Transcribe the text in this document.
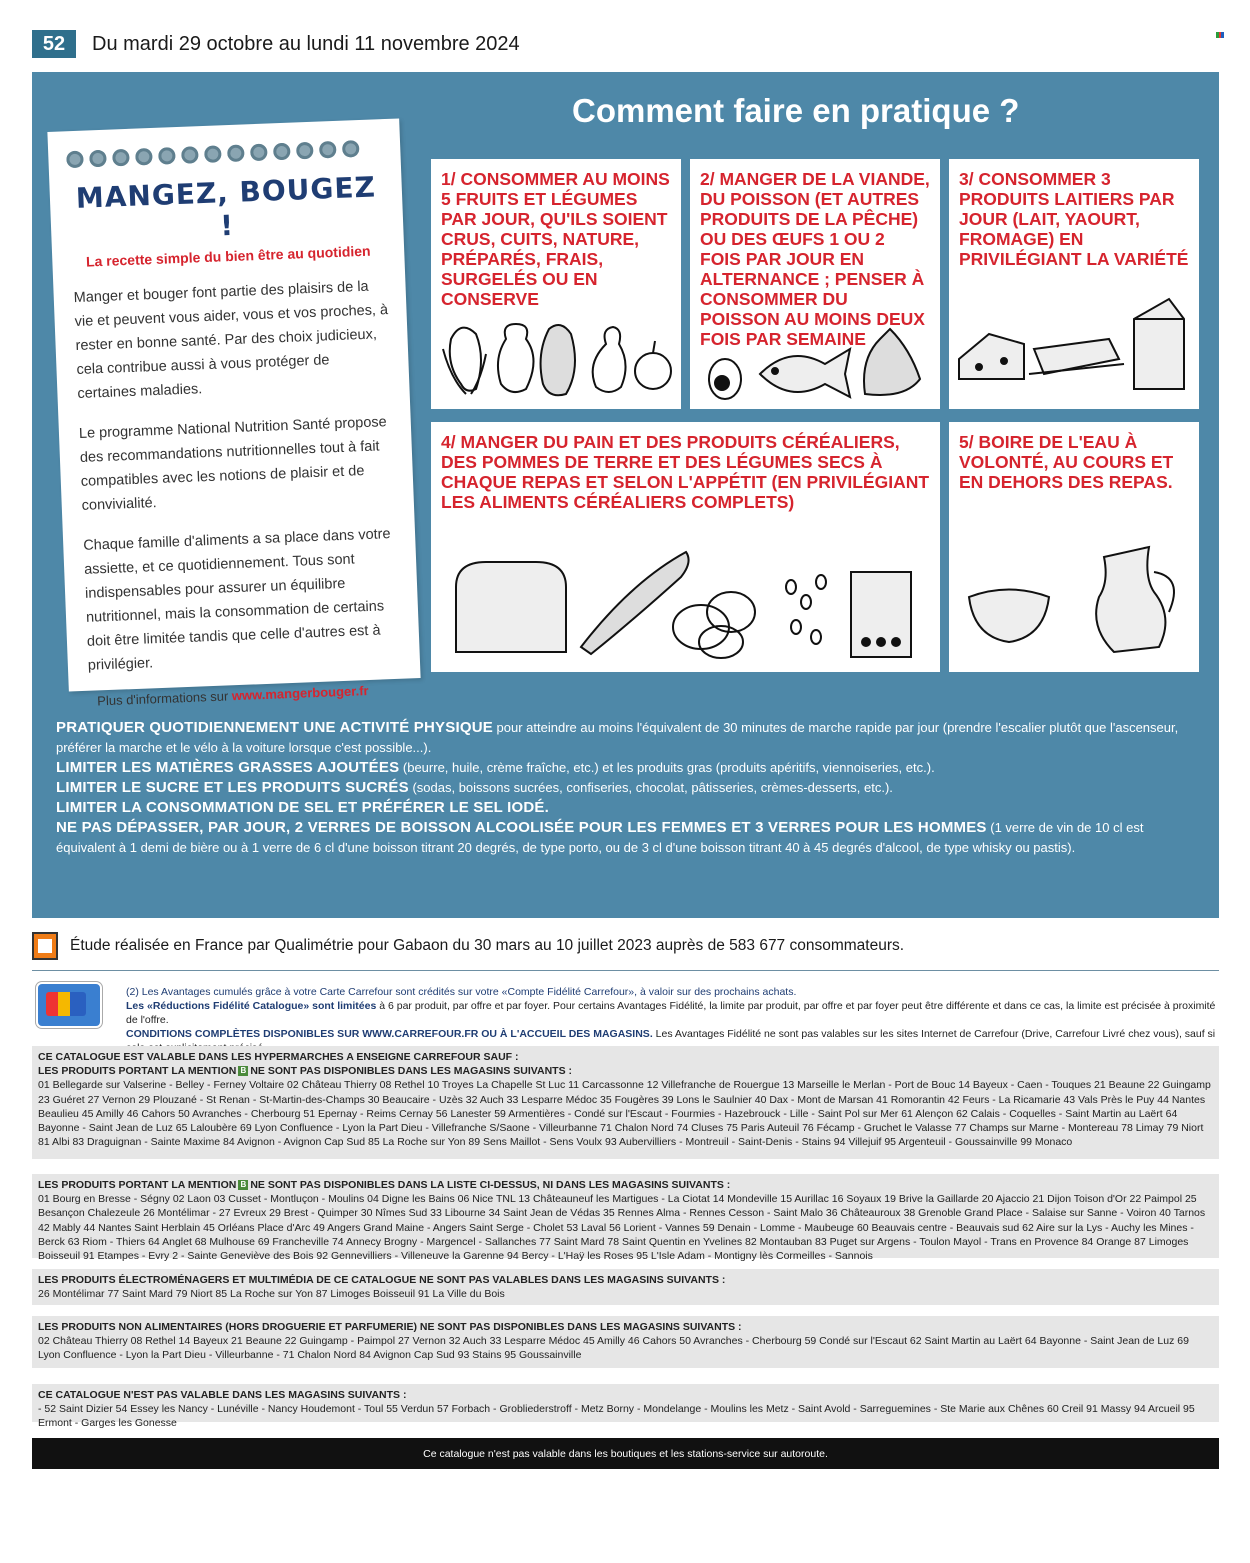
52	Du mardi 29 octobre au lundi 11 novembre 2024
Comment faire en pratique ?
MANGEZ, BOUGEZ !
La recette simple du bien être au quotidien

Manger et bouger font partie des plaisirs de la vie et peuvent vous aider, vous et vos proches, à rester en bonne santé. Par des choix judicieux, cela contribue aussi à vous protéger de certaines maladies.

Le programme National Nutrition Santé propose des recommandations nutritionnelles tout à fait compatibles avec les notions de plaisir et de convivialité.

Chaque famille d'aliments a sa place dans votre assiette, et ce quotidiennement. Tous sont indispensables pour assurer un équilibre nutritionnel, mais la consommation de certains doit être limitée tandis que celle d'autres est à privilégier.

Plus d'informations sur www.mangerbouger.fr
1/ CONSOMMER AU MOINS 5 FRUITS ET LÉGUMES PAR JOUR, QU'ILS SOIENT CRUS, CUITS, NATURE, PRÉPARÉS, FRAIS, SURGELÉS OU EN CONSERVE
2/ MANGER DE LA VIANDE, DU POISSON (ET AUTRES PRODUITS DE LA PÊCHE) OU DES ŒUFS 1 OU 2 FOIS PAR JOUR EN ALTERNANCE ; PENSER À CONSOMMER DU POISSON AU MOINS DEUX FOIS PAR SEMAINE
3/ CONSOMMER 3 PRODUITS LAITIERS PAR JOUR (LAIT, YAOURT, FROMAGE) EN PRIVILÉGIANT LA VARIÉTÉ
4/ MANGER DU PAIN ET DES PRODUITS CÉRÉALIERS, DES POMMES DE TERRE ET DES LÉGUMES SECS À CHAQUE REPAS ET SELON L'APPÉTIT (EN PRIVILÉGIANT LES ALIMENTS CÉRÉALIERS COMPLETS)
5/ BOIRE DE L'EAU À VOLONTÉ, AU COURS ET EN DEHORS DES REPAS.

PRATIQUER QUOTIDIENNEMENT UNE ACTIVITÉ PHYSIQUE pour atteindre au moins l'équivalent de 30 minutes de marche rapide par jour (prendre l'escalier plutôt que l'ascenseur, préférer la marche et le vélo à la voiture lorsque c'est possible...).

LIMITER LES MATIÈRES GRASSES AJOUTÉES (beurre, huile, crème fraîche, etc.) et les produits gras (produits apéritifs, viennoiseries, etc.).

LIMITER LE SUCRE ET LES PRODUITS SUCRÉS (sodas, boissons sucrées, confiseries, chocolat, pâtisseries, crèmes-desserts, etc.).

LIMITER LA CONSOMMATION DE SEL ET PRÉFÉRER LE SEL IODÉ.

NE PAS DÉPASSER, PAR JOUR, 2 VERRES DE BOISSON ALCOOLISÉE POUR LES FEMMES ET 3 VERRES POUR LES HOMMES (1 verre de vin de 10 cl est équivalent à 1 demi de bière ou à 1 verre de 6 cl d'une boisson titrant 20 degrés, de type porto, ou de 3 cl d'une boisson titrant 40 à 45 degrés d'alcool, de type whisky ou pastis).

Étude réalisée en France par Qualimétrie pour Gabaon du 30 mars au 10 juillet 2023 auprès de 583 677 consommateurs.

(2) Les Avantages cumulés grâce à votre Carte Carrefour sont crédités sur votre «Compte Fidélité Carrefour», à valoir sur des prochains achats.

Les «Réductions Fidélité Catalogue» sont limitées à 6 par produit, par offre et par foyer. Pour certains Avantages Fidélité, la limite par produit, par offre et par foyer peut être différente et dans ce cas, la limite est précisée à proximité de l'offre.

CONDITIONS COMPLÈTES DISPONIBLES SUR WWW.CARREFOUR.FR OU À L'ACCUEIL DES MAGASINS. Les Avantages Fidélité ne sont pas valables sur les sites Internet de Carrefour (Drive, Carrefour Livré chez vous), sauf si

CE CATALOGUE EST VALABLE DANS LES HYPERMARCHES A ENSEIGNE CARREFOUR SAUF :

LES PRODUITS PORTANT LA MENTION B NE SONT PAS DISPONIBLES DANS LES MAGASINS SUIVANTS :

01 Bellegarde sur Valserine - Belley - Ferney Voltaire 02 Château Thierry 08 Rethel 10 Troyes La Chapelle St Luc 11 Carcassonne 12 Villefranche de Rouergue 13 Marseille le Merlan - Port de Bouc 14 Bayeux - Caen - Touques 21 Beaune 22 Guingamp 23 Guéret 27 Vernon 29 Plouzané - St Renan - St-Martin-des-Champs 30 Beaucaire - Uzès 32 Auch 33 Lesparre Médoc 35 Fougères 39 Lons le Saulnier 40 Dax - Mont de Marsan 41 Romorantin 42 Feurs - La Ricamarie 43 Vals Près le Puy 44 Nantes Beaulieu 45 Amilly 46 Cahors 50 Avranches - Cherbourg 51 Epernay - Reims Cernay 56 Lanester 59 Armentières - Condé sur l'Escaut - Fourmies - Hazebrouck - Lille - Saint Pol sur Mer 61 Alençon 62 Calais - Coquelles - Saint Martin au Laërt 64 Bayonne - Saint Jean de Luz 65 Laloubère 69 Lyon Confluence - Lyon la Part Dieu - Villefranche S/Saone - Villeurbanne 71 Chalon Nord 74 Cluses 75 Paris Auteuil 76 Fécamp - Gruchet le Valasse 77 Champs sur Marne - Montereau 78 Limay 79 Niort 81 Albi 83 Draguignan - Sainte Maxime 84 Avignon - Avignon Cap Sud 85 La Roche sur Yon 89 Sens Maillot - Sens Voulx 93 Aubervilliers - Montreuil - Saint-Denis - Stains 94 Villejuif 95 Argenteuil - Goussainville 99 Monaco

LES PRODUITS PORTANT LA MENTION B NE SONT PAS DISPONIBLES DANS LA LISTE CI-DESSUS, NI DANS LES MAGASINS SUIVANTS :

01 Bourg en Bresse - Ségny 02 Laon 03 Cusset - Montluçon - Moulins 04 Digne les Bains 06 Nice TNL 13 Châteauneuf les Martigues - La Ciotat 14 Mondeville 15 Aurillac 16 Soyaux 19 Brive la Gaillarde 20 Ajaccio 21 Dijon Toison d'Or 22 Paimpol 25 Besançon Chalezeule 26 Montélimar - 27 Evreux 29 Brest - Quimper 30 Nîmes Sud 33 Libourne 34 Saint Jean de Védas 35 Rennes Alma - Rennes Cesson - Saint Malo 36 Châteauroux 38 Grenoble Grand Place - Salaise sur Sanne - Voiron 40 Tarnos 42 Mably 44 Nantes Saint Herblain 45 Orléans Place d'Arc 49 Angers Grand Maine - Angers Saint Serge - Cholet 53 Laval 56 Lorient - Vannes 59 Denain - Lomme - Maubeuge 60 Beauvais centre - Beauvais sud 62 Aire sur la Lys - Auchy les Mines - Berck 63 Riom - Thiers 64 Anglet 68 Mulhouse 69 Francheville 74 Annecy Brogny - Margencel - Sallanches 77 Saint Mard 78 Saint Quentin en Yvelines 82 Montauban 83 Puget sur Argens - Toulon Mayol - Trans en Provence 84 Orange 87 Limoges Boisseuil 91 Etampes - Evry 2 - Sainte Geneviève des Bois 92 Gennevilliers - Villeneuve la Garenne 94 Bercy - L'Haÿ les Roses 95 L'Isle Adam - Montigny lès Cormeilles - Sannois

LES PRODUITS ÉLECTROMÉNAGERS ET MULTIMÉDIA DE CE CATALOGUE NE SONT PAS VALABLES DANS LES MAGASINS SUIVANTS :

26 Montélimar 77 Saint Mard 79 Niort 85 La Roche sur Yon 87 Limoges Boisseuil 91 La Ville du Bois

LES PRODUITS NON ALIMENTAIRES (HORS DROGUERIE ET PARFUMERIE) NE SONT PAS DISPONIBLES DANS LES MAGASINS SUIVANTS :

02 Château Thierry 08 Rethel 14 Bayeux 21 Beaune 22 Guingamp - Paimpol 27 Vernon 32 Auch 33 Lesparre Médoc 45 Amilly 46 Cahors 50 Avranches - Cherbourg 59 Condé sur l'Escaut 62 Saint Martin au Laërt 64 Bayonne - Saint Jean de Luz 69 Lyon Confluence - Lyon la Part Dieu - Villeurbanne - 71 Chalon Nord 84 Avignon Cap Sud 93 Stains 95 Goussainville

CE CATALOGUE N'EST PAS VALABLE DANS LES MAGASINS SUIVANTS :

- 52 Saint Dizier 54 Essey les Nancy - Lunéville - Nancy Houdemont - Toul 55 Verdun 57 Forbach - Grobliederstroff - Metz Borny - Mondelange - Moulins les Metz - Saint Avold - Sarreguemines - Ste Marie aux Chênes 60 Creil 91 Massy 94 Arcueil 95 Ermont - Garges les Gonesse

Ce catalogue n'est pas valable dans les boutiques et les stations-service sur autoroute.
